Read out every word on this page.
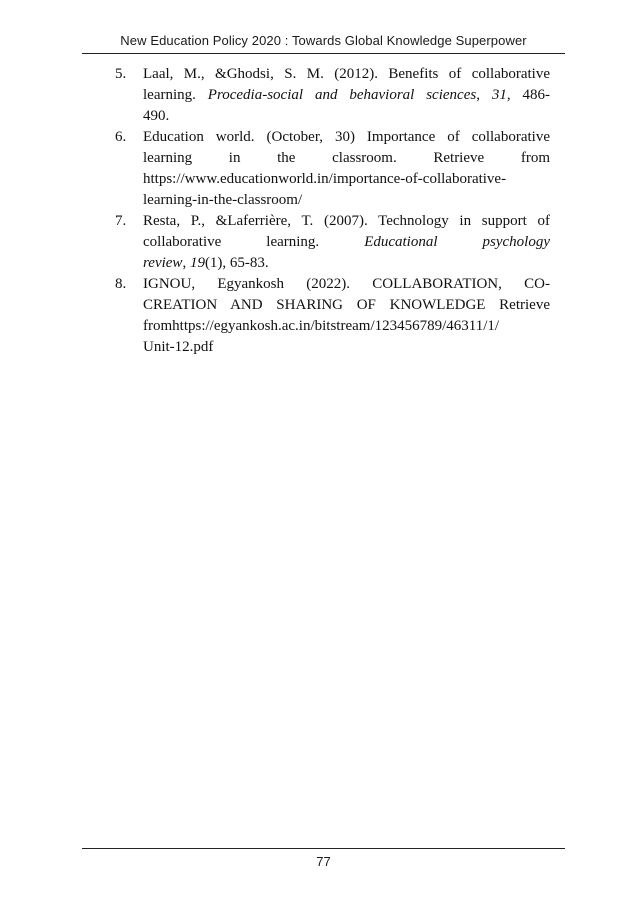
New Education Policy 2020 : Towards Global Knowledge Superpower
5.	Laal, M., &Ghodsi, S. M. (2012). Benefits of collaborative
learning. Procedia-social and behavioral sciences, 31, 486-
490.
6.	Education world. (October, 30) Importance of collaborative
learning in the classroom. Retrieve from
https://www.educationworld.in/importance-of-collaborative-
learning-in-the-classroom/
7.	Resta, P., &Laferrière, T. (2007). Technology in support of
collaborative learning. Educational psychology
review, 19(1), 65-83.
8.	IGNOU, Egyankosh (2022). COLLABORATION, CO-
CREATION AND SHARING OF KNOWLEDGE Retrieve
fromhttps://egyankosh.ac.in/bitstream/123456789/46311/1/
Unit-12.pdf
77
